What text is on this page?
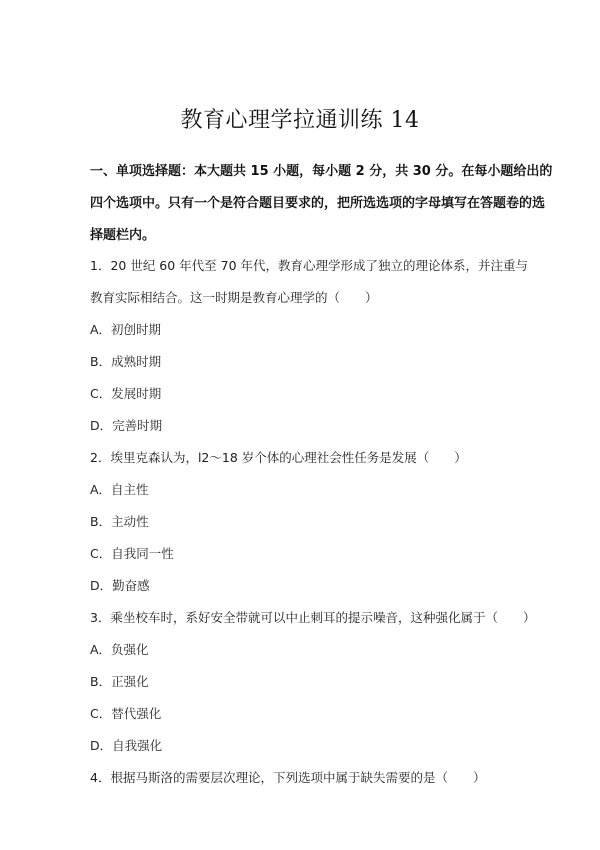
教育心理学拉通训练 14

一、单项选择题：本大题共 15 小题，每小题 2 分，共 30 分。在每小题给出的

四个选项中。只有一个是符合题目要求的，把所选选项的字母填写在答题卷的选

择题栏内。

1．20 世纪 60 年代至 70 年代，教育心理学形成了独立的理论体系，并注重与
教育实际相结合。这一时期是教育心理学的（　　）
A．初创时期
B．成熟时期
C．发展时期
D．完善时期
2．埃里克森认为，l2～18 岁个体的心理社会性任务是发展（　　）
A．自主性
B．主动性
C．自我同一性
D．勤奋感
3．乘坐校车时，系好安全带就可以中止刺耳的提示噪音，这种强化属于（　　）
A．负强化
B．正强化
C．替代强化
D．自我强化
4．根据马斯洛的需要层次理论，下列选项中属于缺失需要的是（　　）
